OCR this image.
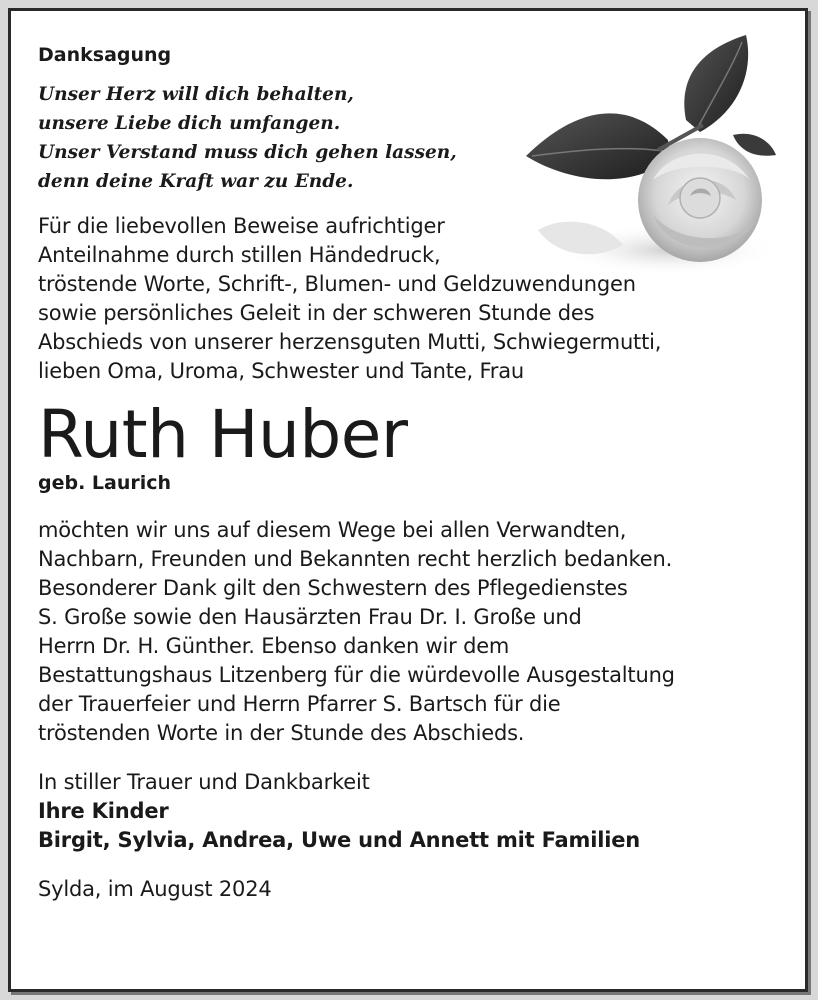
Danksagung
Unser Herz will dich behalten,
unsere Liebe dich umfangen.
Unser Verstand muss dich gehen lassen,
denn deine Kraft war zu Ende.
Für die liebevollen Beweise aufrichtiger
Anteilnahme durch stillen Händedruck,
tröstende Worte, Schrift-, Blumen- und Geldzuwendungen
sowie persönliches Geleit in der schweren Stunde des
Abschieds von unserer herzensguten Mutti, Schwiegermutti,
lieben Oma, Uroma, Schwester und Tante, Frau
Ruth Huber
geb. Laurich
möchten wir uns auf diesem Wege bei allen Verwandten,
Nachbarn, Freunden und Bekannten recht herzlich bedanken.
Besonderer Dank gilt den Schwestern des Pflegedienstes
S. Große sowie den Hausärzten Frau Dr. I. Große und
Herrn Dr. H. Günther. Ebenso danken wir dem
Bestattungshaus Litzenberg für die würdevolle Ausgestaltung
der Trauerfeier und Herrn Pfarrer S. Bartsch für die
tröstenden Worte in der Stunde des Abschieds.
In stiller Trauer und Dankbarkeit
Ihre Kinder
Birgit, Sylvia, Andrea, Uwe und Annett mit Familien
Sylda, im August 2024
